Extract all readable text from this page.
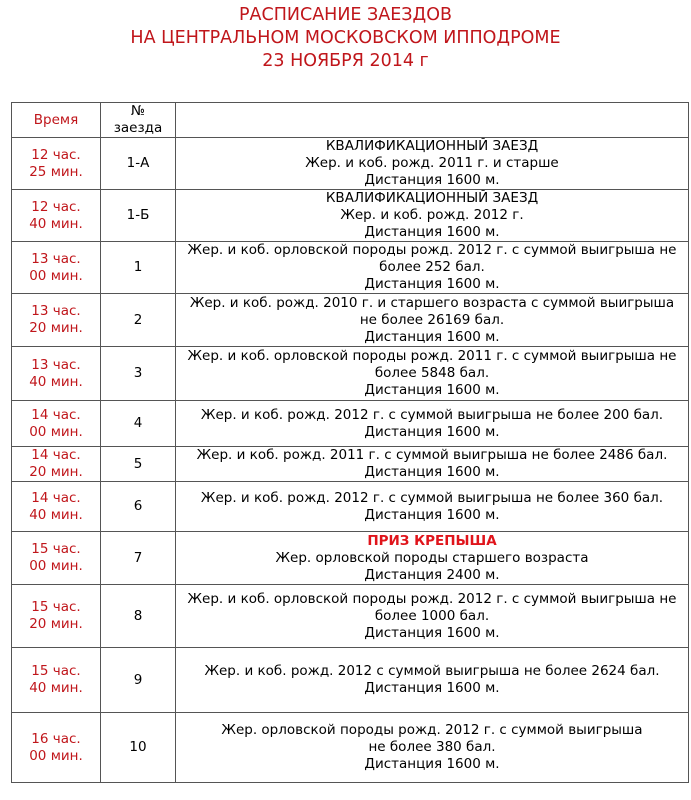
РАСПИСАНИЕ ЗАЕЗДОВ
НА ЦЕНТРАЛЬНОМ МОСКОВСКОМ ИППОДРОМЕ
23 НОЯБРЯ 2014 г
Время	№
заезда	

12 час.
25 мин.	1-А	КВАЛИФИКАЦИОННЫЙ ЗАЕЗД
Жер. и коб. рожд. 2011 г. и старше
Дистанция 1600 м.

12 час.
40 мин.	1-Б	КВАЛИФИКАЦИОННЫЙ ЗАЕЗД
Жер. и коб. рожд. 2012 г.
Дистанция 1600 м.

13 час.
00 мин.	1	Жер. и коб. орловской породы рожд. 2012 г. с суммой выигрыша не
более 252 бал.
Дистанция 1600 м.

13 час.
20 мин.	2	Жер. и коб. рожд. 2010 г. и старшего возраста с суммой выигрыша
не более 26169 бал.
Дистанция 1600 м.

13 час.
40 мин.	3	Жер. и коб. орловской породы рожд. 2011 г. с суммой выигрыша не
более 5848 бал.
Дистанция 1600 м.

14 час.
00 мин.	4	Жер. и коб. рожд. 2012 г. с суммой выигрыша не более 200 бал.
Дистанция 1600 м.

14 час.
20 мин.	5	Жер. и коб. рожд. 2011 г. с суммой выигрыша не более 2486 бал.
Дистанция 1600 м.

14 час.
40 мин.	6	Жер. и коб. рожд. 2012 г. с суммой выигрыша не более 360 бал.
Дистанция 1600 м.

15 час.
00 мин.	7	ПРИЗ КРЕПЫША
Жер. орловской породы старшего возраста
Дистанция 2400 м.

15 час.
20 мин.	8	Жер. и коб. орловской породы рожд. 2012 г. с суммой выигрыша не
более 1000 бал.
Дистанция 1600 м.

15 час.
40 мин.	9	Жер. и коб. рожд. 2012 с суммой выигрыша не более 2624 бал.
Дистанция 1600 м.

16 час.
00 мин.	10	Жер. орловской породы рожд. 2012 г. с суммой выигрыша
не более 380 бал.
Дистанция 1600 м.
